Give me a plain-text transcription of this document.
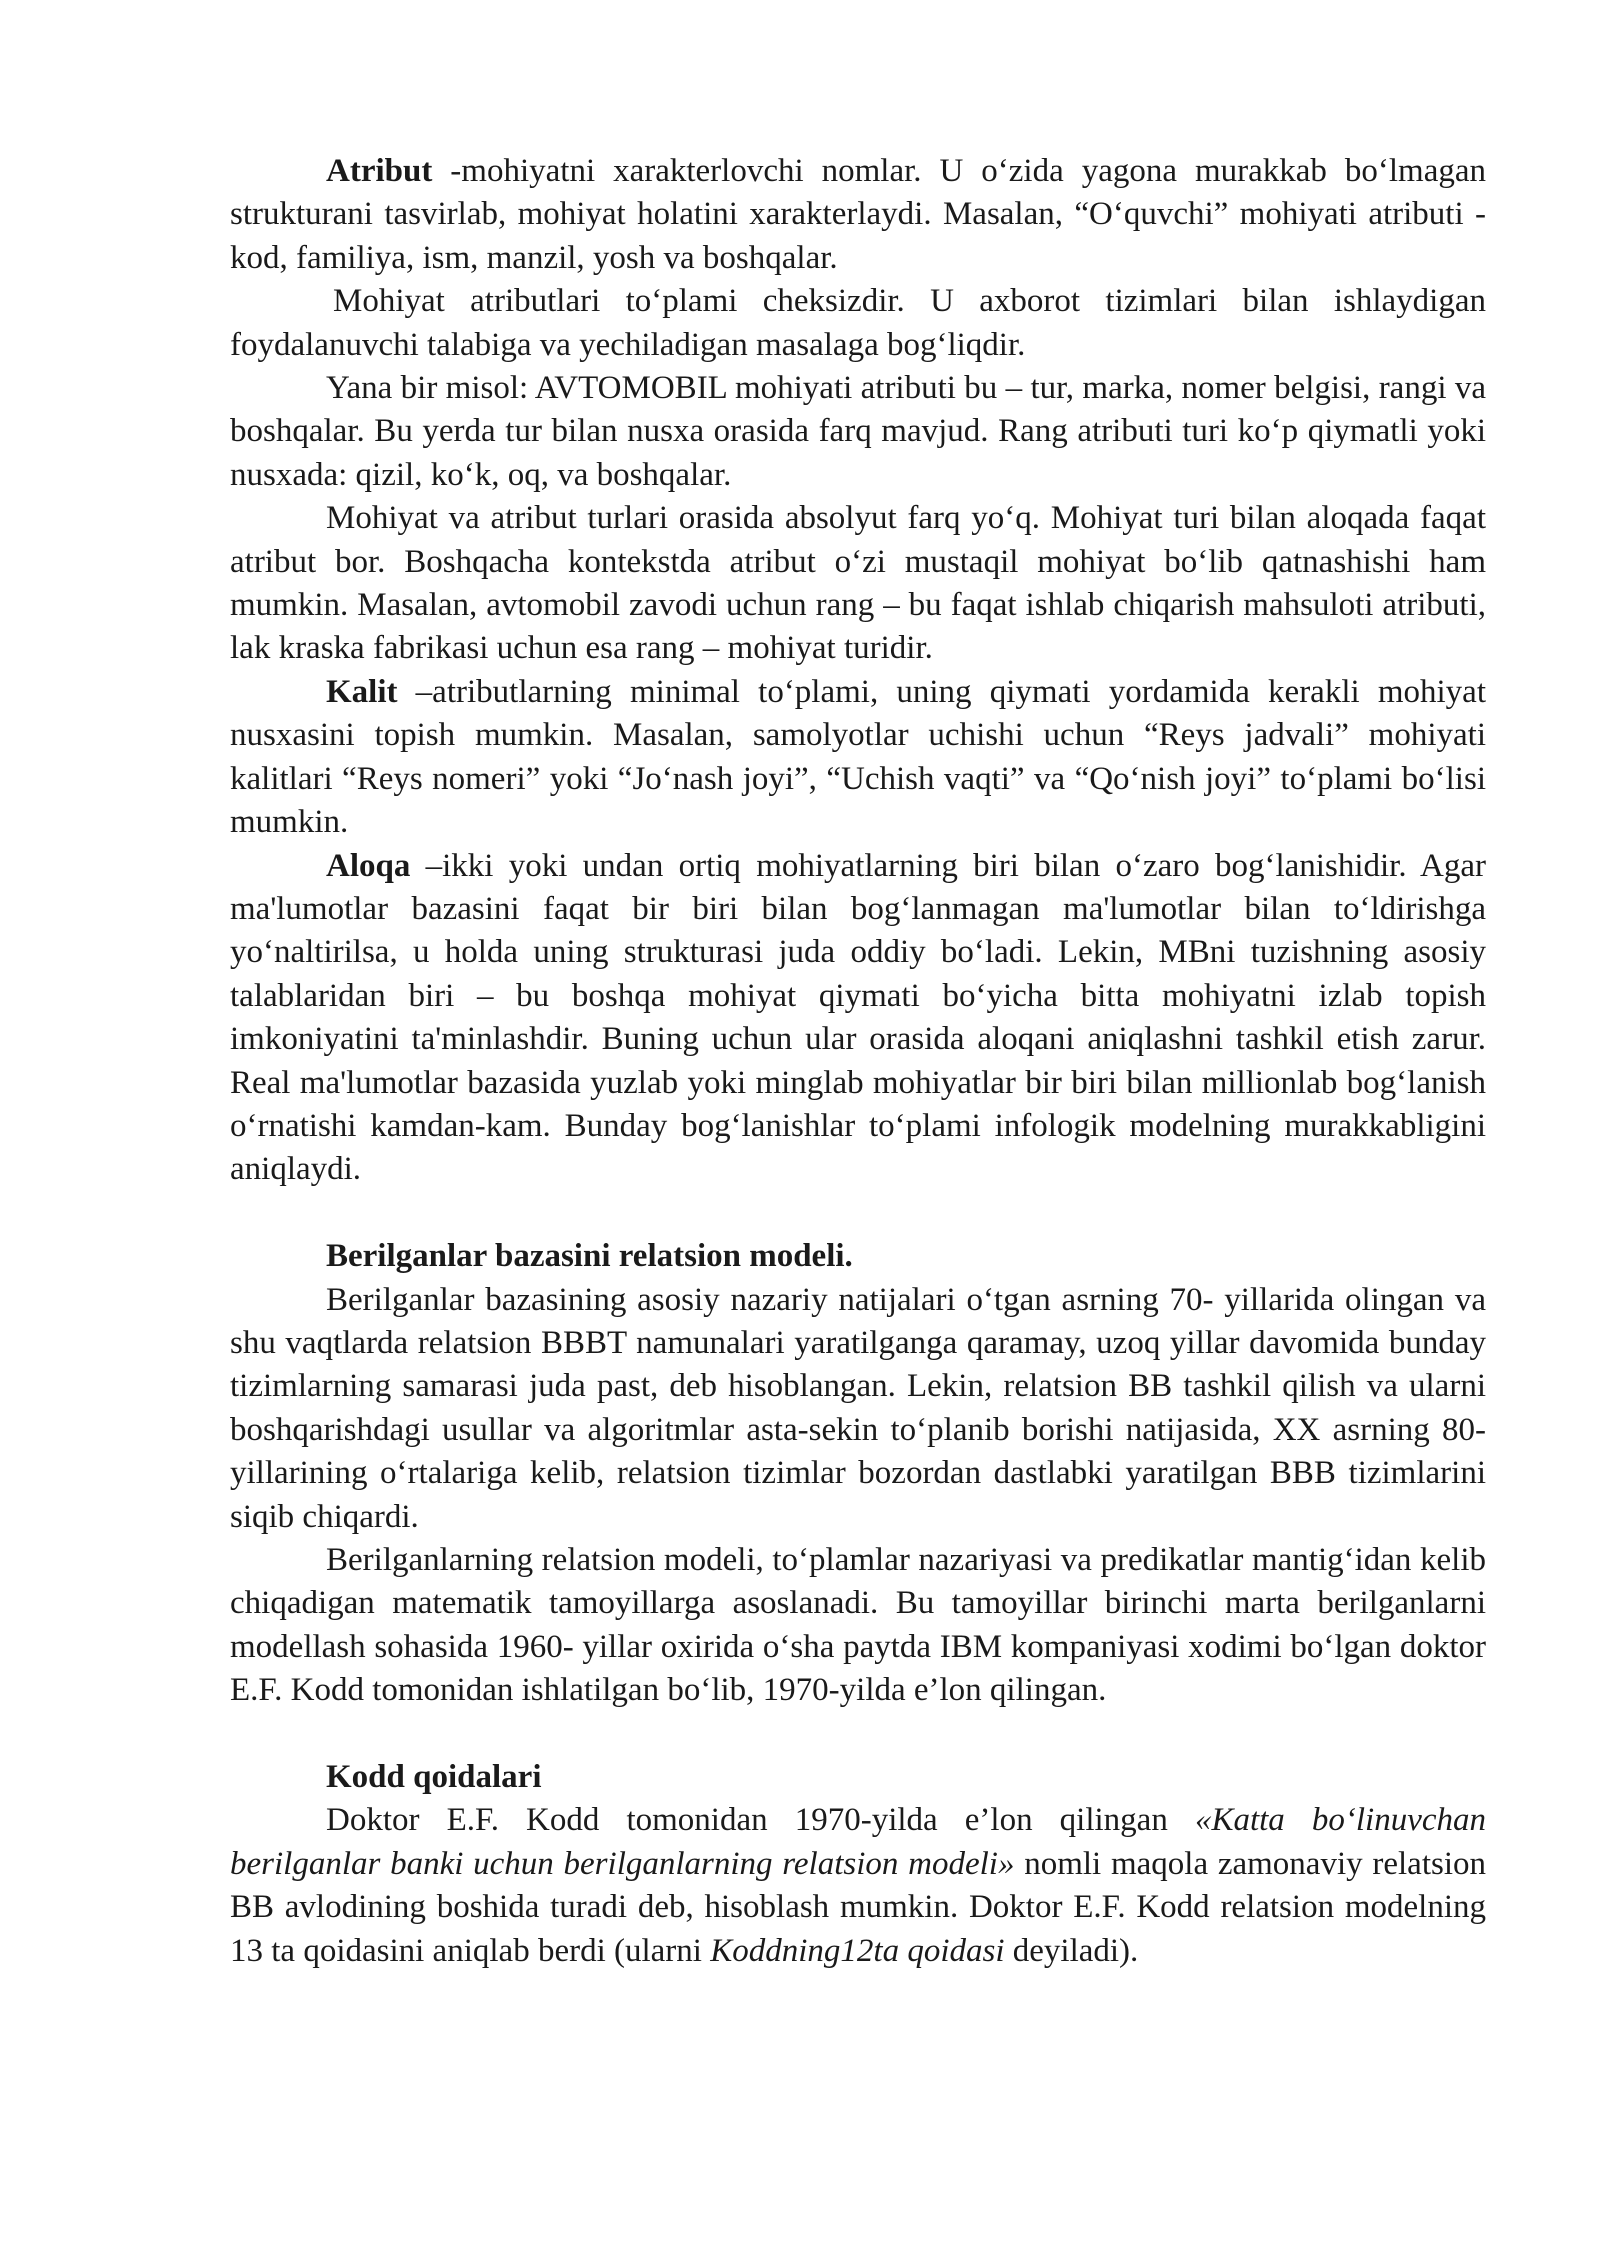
Atribut -mohiyatni xarakterlovchi nomlar. U o‘zida yagona murakkab bo‘lmagan strukturani tasvirlab, mohiyat holatini xarakterlaydi. Masalan, “O‘quvchi” mohiyati atributi -kod, familiya, ism, manzil, yosh va boshqalar.

Mohiyat atributlari to‘plami cheksizdir. U axborot tizimlari bilan ishlaydigan foydalanuvchi talabiga va yechiladigan masalaga bog‘liqdir.

Yana bir misol: AVTOMOBIL mohiyati atributi bu – tur, marka, nomer belgisi, rangi va boshqalar. Bu yerda tur bilan nusxa orasida farq mavjud. Rang atributi turi ko‘p qiymatli yoki nusxada: qizil, ko‘k, oq, va boshqalar.

Mohiyat va atribut turlari orasida absolyut farq yo‘q. Mohiyat turi bilan aloqada faqat atribut bor. Boshqacha kontekstda atribut o‘zi mustaqil mohiyat bo‘lib qatnashishi ham mumkin. Masalan, avtomobil zavodi uchun rang – bu faqat ishlab chiqarish mahsuloti atributi, lak kraska fabrikasi uchun esa rang – mohiyat turidir.

Kalit –atributlarning minimal to‘plami, uning qiymati yordamida kerakli mohiyat nusxasini topish mumkin. Masalan, samolyotlar uchishi uchun “Reys jadvali” mohiyati kalitlari “Reys nomeri” yoki “Jo‘nash joyi”, “Uchish vaqti” va “Qo‘nish joyi” to‘plami bo‘lisi mumkin.

Aloqa –ikki yoki undan ortiq mohiyatlarning biri bilan o‘zaro bog‘lanishidir. Agar ma'lumotlar bazasini faqat bir biri bilan bog‘lanmagan ma'lumotlar bilan to‘ldirishga yo‘naltirilsa, u holda uning strukturasi juda oddiy bo‘ladi. Lekin, MBni tuzishning asosiy talablaridan biri – bu boshqa mohiyat qiymati bo‘yicha bitta mohiyatni izlab topish imkoniyatini ta'minlashdir. Buning uchun ular orasida aloqani aniqlashni tashkil etish zarur. Real ma'lumotlar bazasida yuzlab yoki minglab mohiyatlar bir biri bilan millionlab bog‘lanish o‘rnatishi kamdan-kam. Bunday bog‘lanishlar to‘plami infologik modelning murakkabligini aniqlaydi.

Berilganlar bazasini relatsion modeli.

Berilganlar bazasining asosiy nazariy natijalari o‘tgan asrning 70- yillarida olingan va shu vaqtlarda relatsion BBBT namunalari yaratilganga qaramay, uzoq yillar davomida bunday tizimlarning samarasi juda past, deb hisoblangan. Lekin, relatsion BB tashkil qilish va ularni boshqarishdagi usullar va algoritmlar asta-sekin to‘planib borishi natijasida, XX asrning 80- yillarining o‘rtalariga kelib, relatsion tizimlar bozordan dastlabki yaratilgan BBB tizimlarini siqib chiqardi.

Berilganlarning relatsion modeli, to‘plamlar nazariyasi va predikatlar mantig‘idan kelib chiqadigan matematik tamoyillarga asoslanadi. Bu tamoyillar birinchi marta berilganlarni modellash sohasida 1960- yillar oxirida o‘sha paytda IBM kompaniyasi xodimi bo‘lgan doktor E.F. Kodd tomonidan ishlatilgan bo‘lib, 1970-yilda e’lon qilingan.

Kodd qoidalari

Doktor E.F. Kodd tomonidan 1970-yilda e’lon qilingan «Katta bo‘linuvchan berilganlar banki uchun berilganlarning relatsion modeli» nomli maqola zamonaviy relatsion BB avlodining boshida turadi deb, hisoblash mumkin. Doktor E.F. Kodd relatsion modelning 13 ta qoidasini aniqlab berdi (ularni Koddning12ta qoidasi deyiladi).
